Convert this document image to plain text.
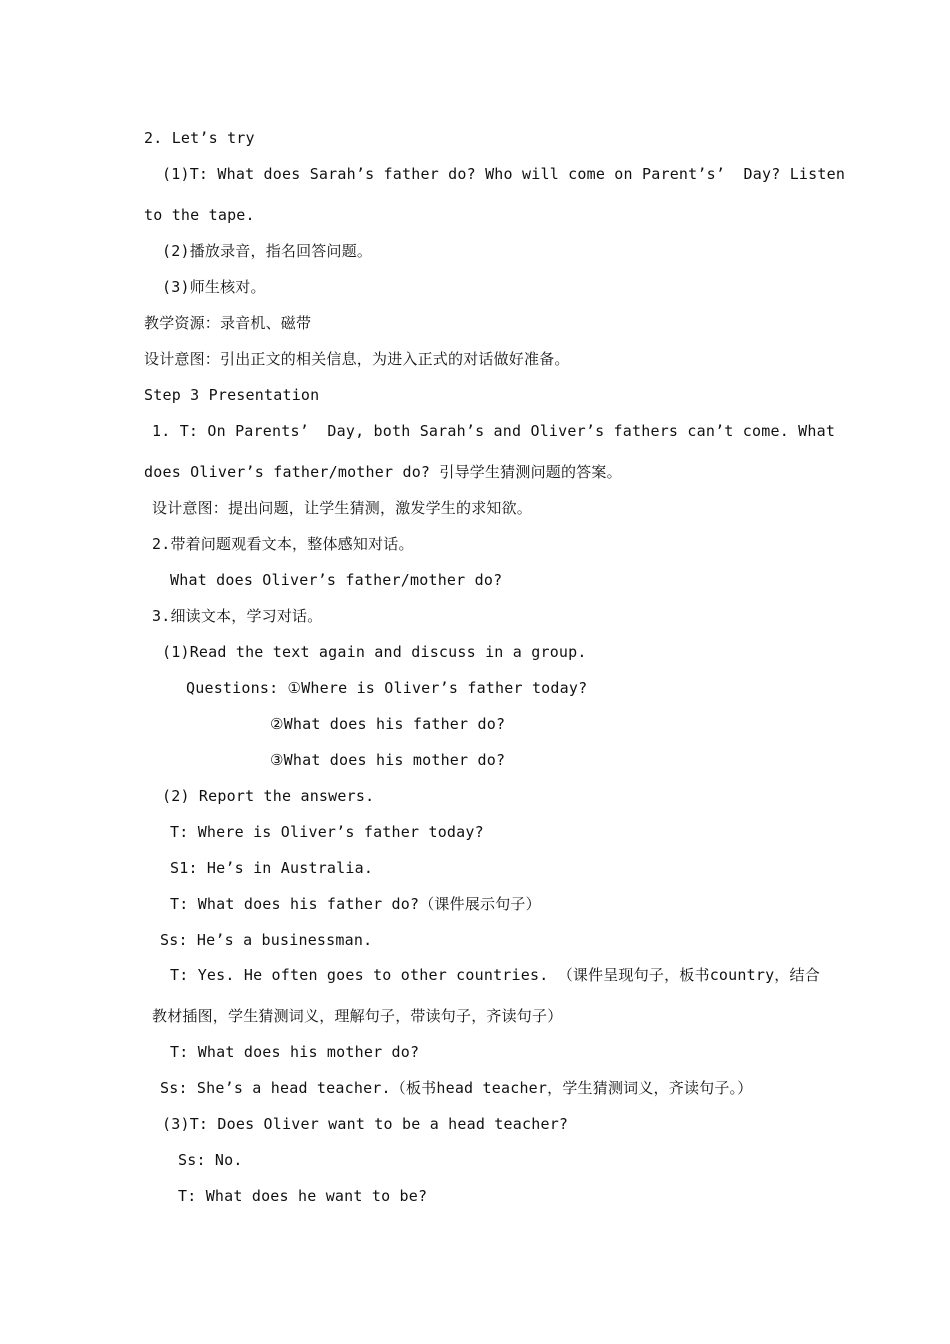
2. Let’s try
(1)T: What does Sarah’s father do? Who will come on Parent’s’  Day? Listen
to the tape.
(2)播放录音，指名回答问题。
(3)师生核对。
教学资源：录音机、磁带
设计意图：引出正文的相关信息，为进入正式的对话做好准备。
Step 3 Presentation
1. T: On Parents’  Day, both Sarah’s and Oliver’s fathers can’t come. What
does Oliver’s father/mother do? 引导学生猜测问题的答案。
设计意图：提出问题，让学生猜测，激发学生的求知欲。
2.带着问题观看文本，整体感知对话。
What does Oliver’s father/mother do?
3.细读文本，学习对话。
(1)Read the text again and discuss in a group.
Questions: ①Where is Oliver’s father today?
②What does his father do?
③What does his mother do?
(2) Report the answers.
T: Where is Oliver’s father today?
S1: He’s in Australia.
T: What does his father do?（课件展示句子）
Ss: He’s a businessman.
T: Yes. He often goes to other countries. （课件呈现句子，板书country，结合
教材插图，学生猜测词义，理解句子，带读句子，齐读句子）
T: What does his mother do?
Ss: She’s a head teacher.（板书head teacher，学生猜测词义，齐读句子。）
(3)T: Does Oliver want to be a head teacher?
Ss: No.
T: What does he want to be?
